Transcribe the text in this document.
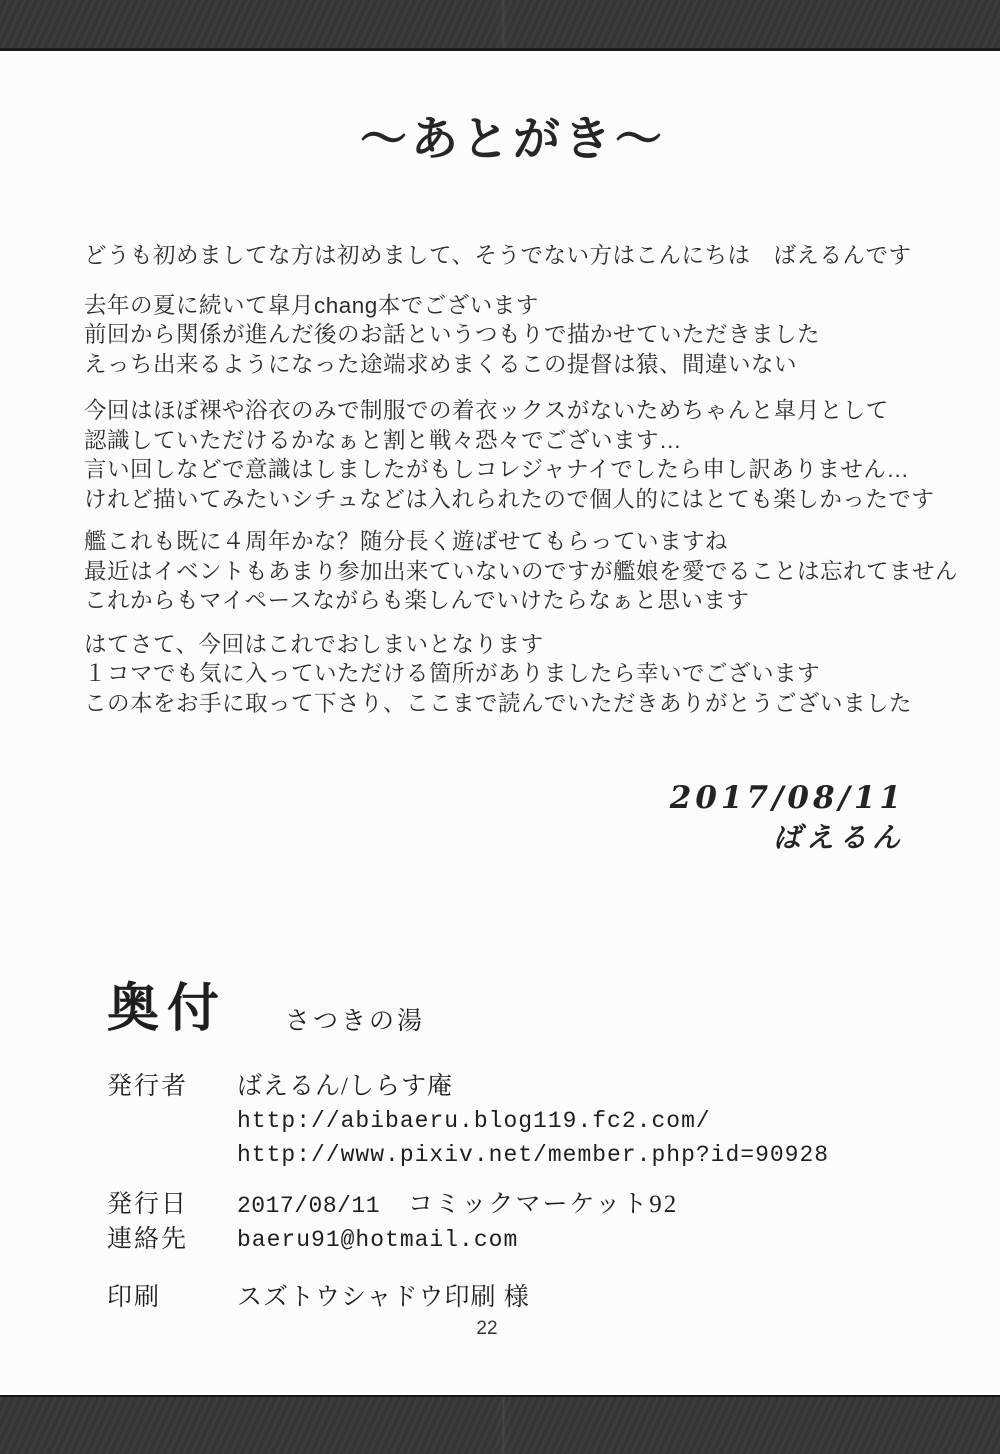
～あとがき～
どうも初めましてな方は初めまして、そうでない方はこんにちは　ばえるんです
去年の夏に続いて皐月chang本でございます
前回から関係が進んだ後のお話というつもりで描かせていただきました
えっち出来るようになった途端求めまくるこの提督は猿、間違いない
今回はほぼ裸や浴衣のみで制服での着衣ックスがないためちゃんと皐月として
認識していただけるかなぁと割と戦々恐々でございます…
言い回しなどで意識はしましたがもしコレジャナイでしたら申し訳ありません…
けれど描いてみたいシチュなどは入れられたので個人的にはとても楽しかったです
艦これも既に４周年かな？随分長く遊ばせてもらっていますね
最近はイベントもあまり参加出来ていないのですが艦娘を愛でることは忘れてません
これからもマイペースながらも楽しんでいけたらなぁと思います
はてさて、今回はこれでおしまいとなります
１コマでも気に入っていただける箇所がありましたら幸いでございます
この本をお手に取って下さり、ここまで読んでいただきありがとうございました
2017/08/11
ばえるん
奥付 さつきの湯
発行者	ばえるん/しらす庵
http://abibaeru.blog119.fc2.com/
http://www.pixiv.net/member.php?id=90928
発行日	2017/08/11 コミックマーケット92
連絡先	baeru91@hotmail.com
印刷	スズトウシャドウ印刷 様
22
